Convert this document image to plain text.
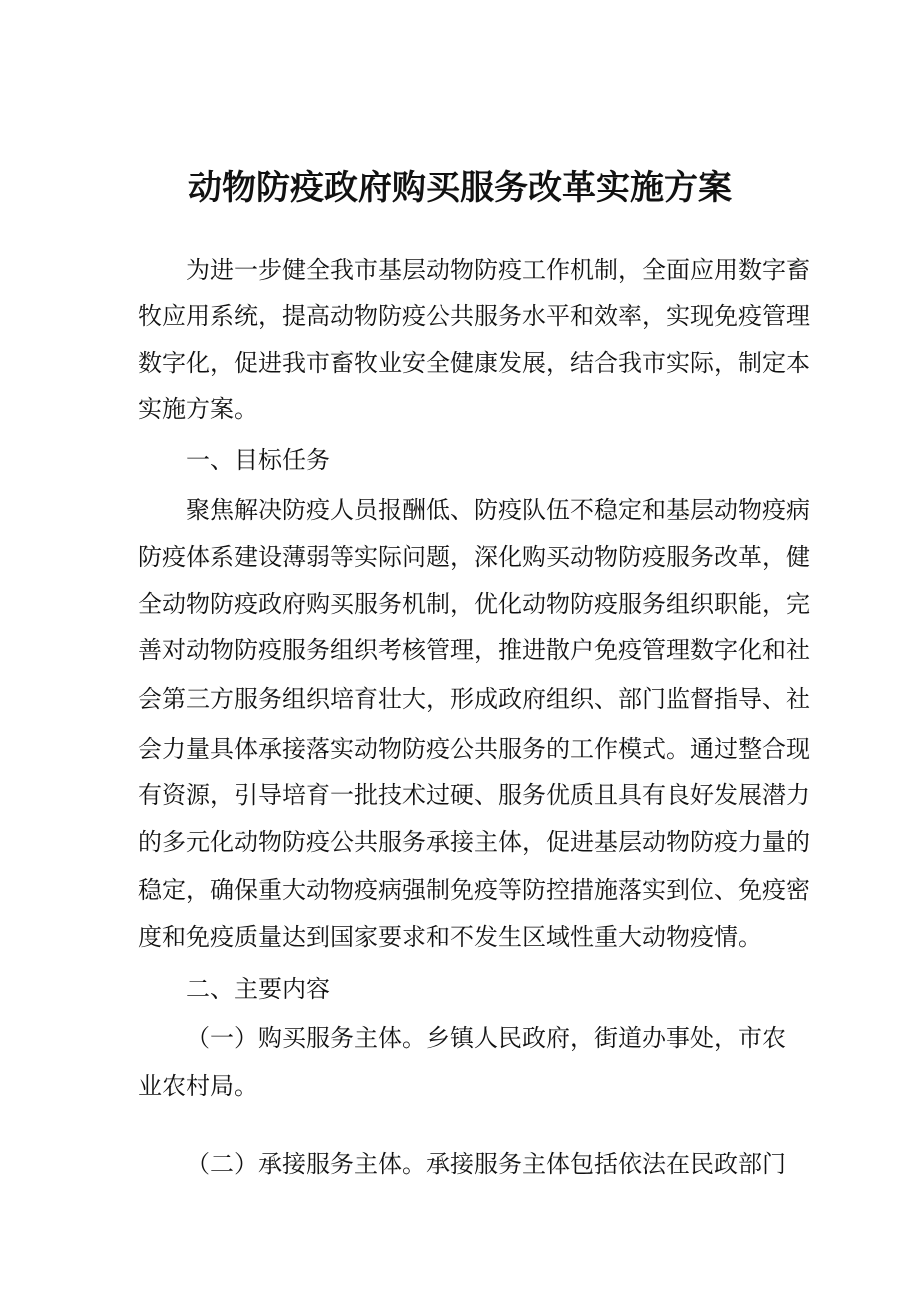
动物防疫政府购买服务改革实施方案

为进一步健全我市基层动物防疫工作机制，全面应用数字畜

牧应用系统，提高动物防疫公共服务水平和效率，实现免疫管理

数字化，促进我市畜牧业安全健康发展，结合我市实际，制定本

实施方案。

一、目标任务

聚焦解决防疫人员报酬低、防疫队伍不稳定和基层动物疫病

防疫体系建设薄弱等实际问题，深化购买动物防疫服务改革，健

全动物防疫政府购买服务机制，优化动物防疫服务组织职能，完

善对动物防疫服务组织考核管理，推进散户免疫管理数字化和社

会第三方服务组织培育壮大，形成政府组织、部门监督指导、社

会力量具体承接落实动物防疫公共服务的工作模式。通过整合现

有资源，引导培育一批技术过硬、服务优质且具有良好发展潜力

的多元化动物防疫公共服务承接主体，促进基层动物防疫力量的

稳定，确保重大动物疫病强制免疫等防控措施落实到位、免疫密

度和免疫质量达到国家要求和不发生区域性重大动物疫情。

二、主要内容

（一）购买服务主体。乡镇人民政府，街道办事处，市农

业农村局。

（二）承接服务主体。承接服务主体包括依法在民政部门
